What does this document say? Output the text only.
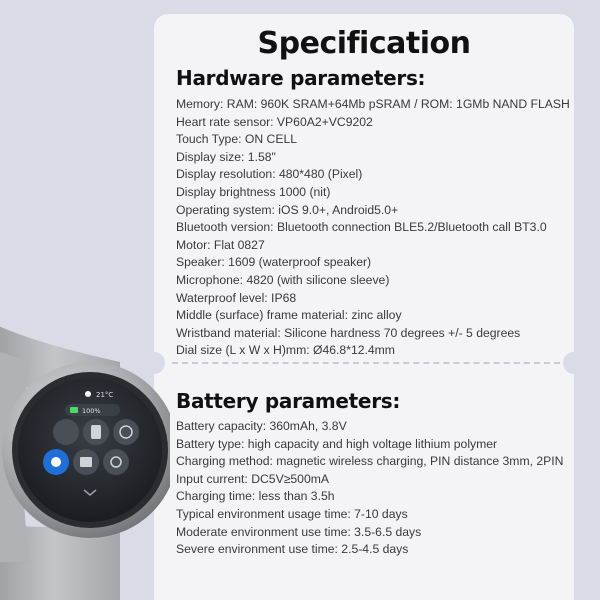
Specification
Hardware parameters:
Memory: RAM: 960K SRAM+64Mb pSRAM / ROM: 1GMb NAND FLASH
Heart rate sensor: VP60A2+VC9202
Touch Type: ON CELL
Display size: 1.58"
Display resolution: 480*480 (Pixel)
Display brightness 1000 (nit)
Operating system: iOS 9.0+, Android5.0+
Bluetooth version: Bluetooth connection BLE5.2/Bluetooth call BT3.0
Motor: Flat 0827
Speaker: 1609 (waterproof speaker)
Microphone: 4820 (with silicone sleeve)
Waterproof level: IP68
Middle (surface) frame material: zinc alloy
Wristband material: Silicone hardness 70 degrees +/- 5 degrees
Dial size (L x W x H)mm: Ø46.8*12.4mm
Battery parameters:
Battery capacity: 360mAh, 3.8V
Battery type: high capacity and high voltage lithium polymer
Charging method: magnetic wireless charging, PIN distance 3mm, 2PIN
Input current: DC5V≥500mA
Charging time: less than 3.5h
Typical environment usage time: 7-10 days
Moderate environment use time: 3.5-6.5 days
Severe environment use time: 2.5-4.5 days
21°C
100%
